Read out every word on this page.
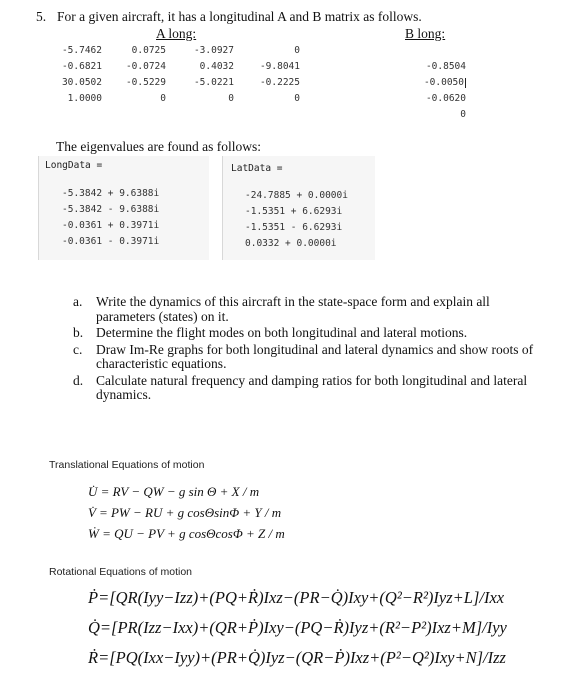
5. For a given aircraft, it has a longitudinal A and B matrix as follows.
A long:	B long:
-5.7462	0.0725	-3.0927	0
-0.6821	-0.0724	0.4032	-9.8041
30.0502	-0.5229	-5.0221	-0.2225
1.0000	0	0	0
-0.8504
-0.0050
-0.0620
0
The eigenvalues are found as follows:
LongData =	LatData =
-5.3842 + 9.6388i
-5.3842 - 9.6388i
-0.0361 + 0.3971i
-0.0361 - 0.3971i
-24.7885 + 0.0000i
-1.5351 + 6.6293i
-1.5351 - 6.6293i
0.0332 + 0.0000i
a.	Write the dynamics of this aircraft in the state-space form and explain all parameters (states) on it.
b. Determine the flight modes on both longitudinal and lateral motions.
c.	Draw Im-Re graphs for both longitudinal and lateral dynamics and show roots of characteristic equations.
d. Calculate natural frequency and damping ratios for both longitudinal and lateral dynamics.
Translational Equations of motion
U̇ = RV − QW − g sin Θ + X / m
V̇ = PW − RU + g cosΘsinΦ + Y / m
Ẇ = QU − PV + g cosΘcosΦ + Z / m
Rotational Equations of motion
Ṗ=[QR(Iyy−Izz)+(PQ+Ṙ)Ixz−(PR−Q̇)Ixy+(Q²−R²)Iyz+L]/Ixx
Q̇=[PR(Izz−Ixx)+(QR+Ṗ)Ixy−(PQ−Ṙ)Iyz+(R²−P²)Ixz+M]/Iyy
Ṙ=[PQ(Ixx−Iyy)+(PR+Q̇)Iyz−(QR−Ṗ)Ixz+(P²−Q²)Ixy+N]/Izz
